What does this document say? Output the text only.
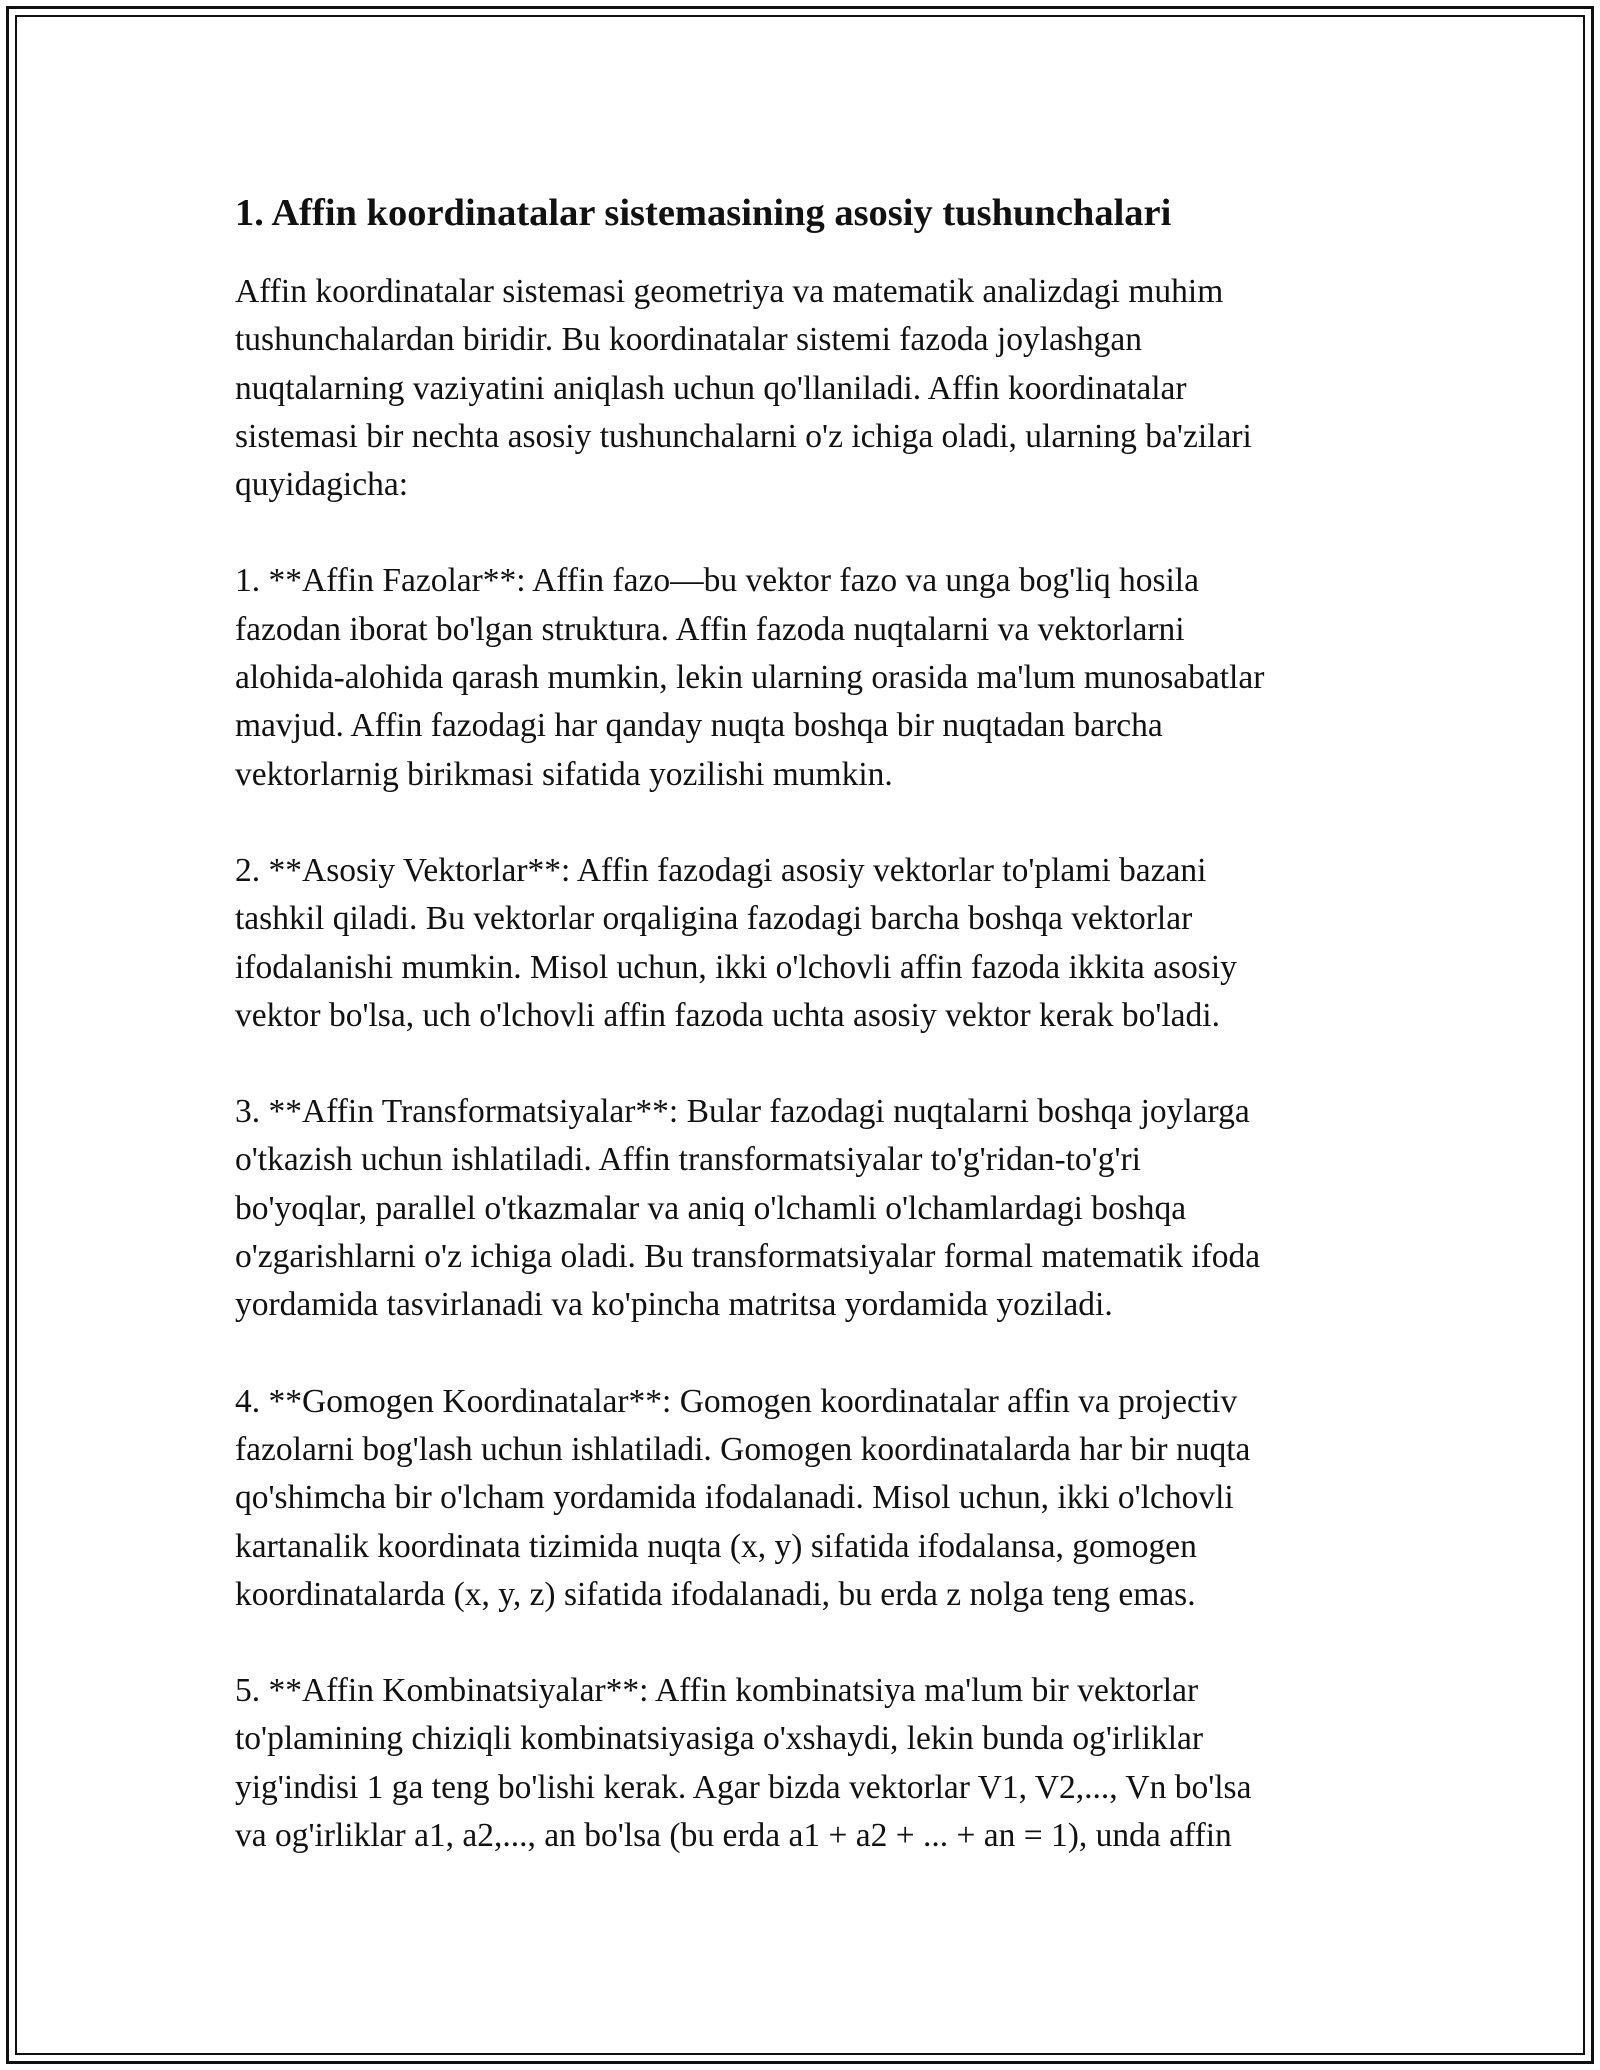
1. Affin koordinatalar sistemasining asosiy tushunchalari

Affin koordinatalar sistemasi geometriya va matematik analizdagi muhim
tushunchalardan biridir. Bu koordinatalar sistemi fazoda joylashgan
nuqtalarning vaziyatini aniqlash uchun qo'llaniladi. Affin koordinatalar
sistemasi bir nechta asosiy tushunchalarni o'z ichiga oladi, ularning ba'zilari
quyidagicha:

1. **Affin Fazolar**: Affin fazo—bu vektor fazo va unga bog'liq hosila
fazodan iborat bo'lgan struktura. Affin fazoda nuqtalarni va vektorlarni
alohida-alohida qarash mumkin, lekin ularning orasida ma'lum munosabatlar
mavjud. Affin fazodagi har qanday nuqta boshqa bir nuqtadan barcha
vektorlarnig birikmasi sifatida yozilishi mumkin.

2. **Asosiy Vektorlar**: Affin fazodagi asosiy vektorlar to'plami bazani
tashkil qiladi. Bu vektorlar orqaligina fazodagi barcha boshqa vektorlar
ifodalanishi mumkin. Misol uchun, ikki o'lchovli affin fazoda ikkita asosiy
vektor bo'lsa, uch o'lchovli affin fazoda uchta asosiy vektor kerak bo'ladi.

3. **Affin Transformatsiyalar**: Bular fazodagi nuqtalarni boshqa joylarga
o'tkazish uchun ishlatiladi. Affin transformatsiyalar to'g'ridan-to'g'ri
bo'yoqlar, parallel o'tkazmalar va aniq o'lchamli o'lchamlardagi boshqa
o'zgarishlarni o'z ichiga oladi. Bu transformatsiyalar formal matematik ifoda
yordamida tasvirlanadi va ko'pincha matritsa yordamida yoziladi.

4. **Gomogen Koordinatalar**: Gomogen koordinatalar affin va projectiv
fazolarni bog'lash uchun ishlatiladi. Gomogen koordinatalarda har bir nuqta
qo'shimcha bir o'lcham yordamida ifodalanadi. Misol uchun, ikki o'lchovli
kartanalik koordinata tizimida nuqta (x, y) sifatida ifodalansa, gomogen
koordinatalarda (x, y, z) sifatida ifodalanadi, bu erda z nolga teng emas.

5. **Affin Kombinatsiyalar**: Affin kombinatsiya ma'lum bir vektorlar
to'plamining chiziqli kombinatsiyasiga o'xshaydi, lekin bunda og'irliklar
yig'indisi 1 ga teng bo'lishi kerak. Agar bizda vektorlar V1, V2,..., Vn bo'lsa
va og'irliklar a1, a2,..., an bo'lsa (bu erda a1 + a2 + ... + an = 1), unda affin
